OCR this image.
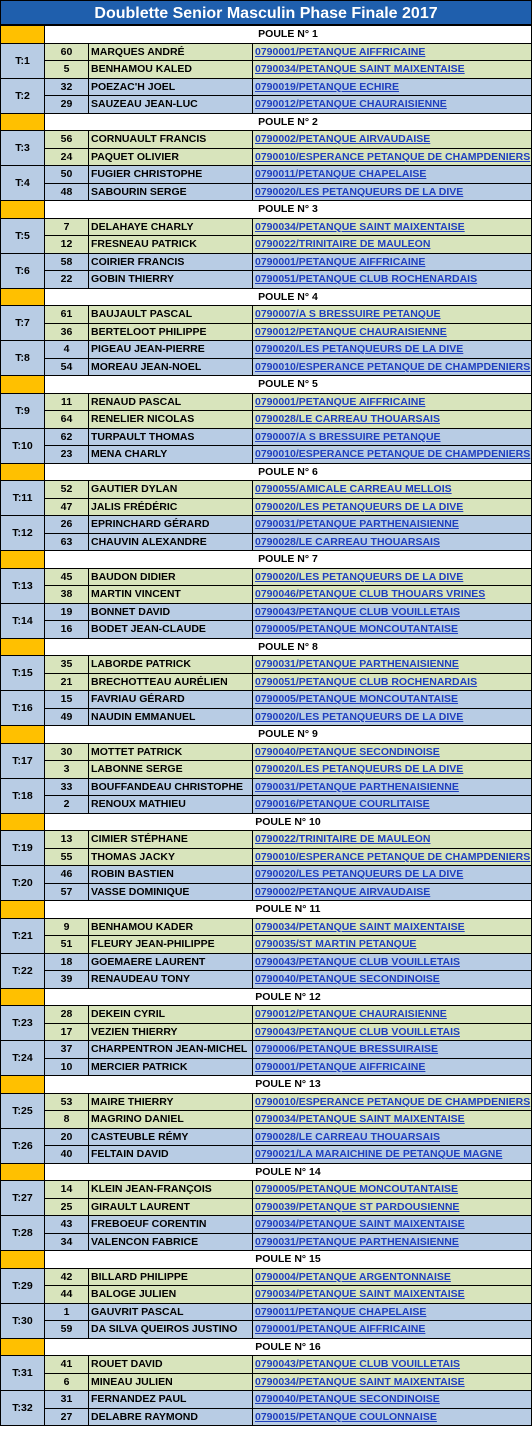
Doublette Senior Masculin Phase Finale 2017
	POULE N° 1		
T:1	60	MARQUES ANDRÉ	0790001/PETANQUE AIFFRICAINE
	5	BENHAMOU KALED	0790034/PETANQUE SAINT MAIXENTAISE
T:2	32	POEZAC'H JOEL	0790019/PETANQUE ECHIRE
	29	SAUZEAU JEAN-LUC	0790012/PETANQUE CHAURAISIENNE
	POULE N° 2		
T:3	56	CORNUAULT FRANCIS	0790002/PETANQUE AIRVAUDAISE
	24	PAQUET OLIVIER	0790010/ESPERANCE PETANQUE DE CHAMPDENIERS
T:4	50	FUGIER CHRISTOPHE	0790011/PETANQUE CHAPELAISE
	48	SABOURIN SERGE	0790020/LES PETANQUEURS DE LA DIVE
	POULE N° 3		
T:5	7	DELAHAYE CHARLY	0790034/PETANQUE SAINT MAIXENTAISE
	12	FRESNEAU PATRICK	0790022/TRINITAIRE DE MAULEON
T:6	58	COIRIER FRANCIS	0790001/PETANQUE AIFFRICAINE
	22	GOBIN THIERRY	0790051/PETANQUE CLUB ROCHENARDAIS
	POULE N° 4		
T:7	61	BAUJAULT PASCAL	0790007/A S BRESSUIRE PETANQUE
	36	BERTELOOT PHILIPPE	0790012/PETANQUE CHAURAISIENNE
T:8	4	PIGEAU JEAN-PIERRE	0790020/LES PETANQUEURS DE LA DIVE
	54	MOREAU JEAN-NOEL	0790010/ESPERANCE PETANQUE DE CHAMPDENIERS
	POULE N° 5		
T:9	11	RENAUD PASCAL	0790001/PETANQUE AIFFRICAINE
	64	RENELIER NICOLAS	0790028/LE CARREAU THOUARSAIS
T:10	62	TURPAULT THOMAS	0790007/A S BRESSUIRE PETANQUE
	23	MENA CHARLY	0790010/ESPERANCE PETANQUE DE CHAMPDENIERS
	POULE N° 6		
T:11	52	GAUTIER DYLAN	0790055/AMICALE CARREAU MELLOIS
	47	JALIS FRÉDÉRIC	0790020/LES PETANQUEURS DE LA DIVE
T:12	26	EPRINCHARD GÉRARD	0790031/PETANQUE PARTHENAISIENNE
	63	CHAUVIN ALEXANDRE	0790028/LE CARREAU THOUARSAIS
	POULE N° 7		
T:13	45	BAUDON DIDIER	0790020/LES PETANQUEURS DE LA DIVE
	38	MARTIN VINCENT	0790046/PETANQUE CLUB THOUARS VRINES
T:14	19	BONNET DAVID	0790043/PETANQUE CLUB VOUILLETAIS
	16	BODET JEAN-CLAUDE	0790005/PETANQUE MONCOUTANTAISE
	POULE N° 8		
T:15	35	LABORDE PATRICK	0790031/PETANQUE PARTHENAISIENNE
	21	BRECHOTTEAU AURÉLIEN	0790051/PETANQUE CLUB ROCHENARDAIS
T:16	15	FAVRIAU GÉRARD	0790005/PETANQUE MONCOUTANTAISE
	49	NAUDIN EMMANUEL	0790020/LES PETANQUEURS DE LA DIVE
	POULE N° 9		
T:17	30	MOTTET PATRICK	0790040/PETANQUE SECONDINOISE
	3	LABONNE SERGE	0790020/LES PETANQUEURS DE LA DIVE
T:18	33	BOUFFANDEAU CHRISTOPHE	0790031/PETANQUE PARTHENAISIENNE
	2	RENOUX MATHIEU	0790016/PETANQUE COURLITAISE
	POULE N° 10		
T:19	13	CIMIER STÉPHANE	0790022/TRINITAIRE DE MAULEON
	55	THOMAS JACKY	0790010/ESPERANCE PETANQUE DE CHAMPDENIERS
T:20	46	ROBIN BASTIEN	0790020/LES PETANQUEURS DE LA DIVE
	57	VASSE DOMINIQUE	0790002/PETANQUE AIRVAUDAISE
	POULE N° 11		
T:21	9	BENHAMOU KADER	0790034/PETANQUE SAINT MAIXENTAISE
	51	FLEURY JEAN-PHILIPPE	0790035/ST MARTIN PETANQUE
T:22	18	GOEMAERE LAURENT	0790043/PETANQUE CLUB VOUILLETAIS
	39	RENAUDEAU TONY	0790040/PETANQUE SECONDINOISE
	POULE N° 12		
T:23	28	DEKEIN CYRIL	0790012/PETANQUE CHAURAISIENNE
	17	VEZIEN THIERRY	0790043/PETANQUE CLUB VOUILLETAIS
T:24	37	CHARPENTRON JEAN-MICHEL	0790006/PETANQUE BRESSUIRAISE
	10	MERCIER PATRICK	0790001/PETANQUE AIFFRICAINE
	POULE N° 13		
T:25	53	MAIRE THIERRY	0790010/ESPERANCE PETANQUE DE CHAMPDENIERS
	8	MAGRINO DANIEL	0790034/PETANQUE SAINT MAIXENTAISE
T:26	20	CASTEUBLE RÉMY	0790028/LE CARREAU THOUARSAIS
	40	FELTAIN DAVID	0790021/LA MARAICHINE DE PETANQUE MAGNE
	POULE N° 14		
T:27	14	KLEIN JEAN-FRANÇOIS	0790005/PETANQUE MONCOUTANTAISE
	25	GIRAULT LAURENT	0790039/PETANQUE ST PARDOUSIENNE
T:28	43	FREBOEUF CORENTIN	0790034/PETANQUE SAINT MAIXENTAISE
	34	VALENCON FABRICE	0790031/PETANQUE PARTHENAISIENNE
	POULE N° 15		
T:29	42	BILLARD PHILIPPE	0790004/PETANQUE ARGENTONNAISE
	44	BALOGE JULIEN	0790034/PETANQUE SAINT MAIXENTAISE
T:30	1	GAUVRIT PASCAL	0790011/PETANQUE CHAPELAISE
	59	DA SILVA QUEIROS JUSTINO	0790001/PETANQUE AIFFRICAINE
	POULE N° 16		
T:31	41	ROUET DAVID	0790043/PETANQUE CLUB VOUILLETAIS
	6	MINEAU JULIEN	0790034/PETANQUE SAINT MAIXENTAISE
T:32	31	FERNANDEZ PAUL	0790040/PETANQUE SECONDINOISE
	27	DELABRE RAYMOND	0790015/PETANQUE COULONNAISE
